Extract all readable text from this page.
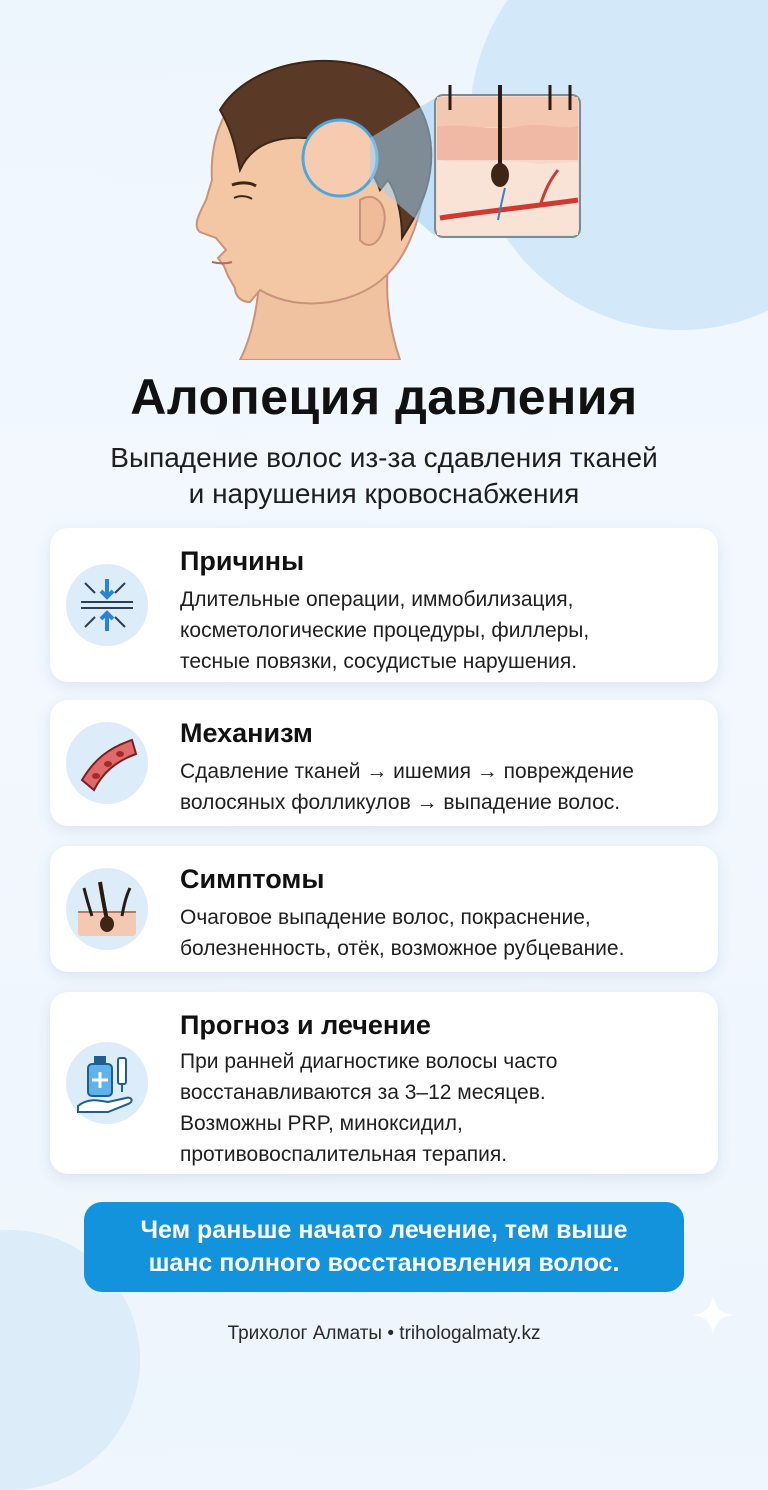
Алопеция давления
Выпадение волос из-за сдавления тканей
и нарушения кровоснабжения
Причины
Длительные операции, иммобилизация,
косметологические процедуры, филлеры,
тесные повязки, сосудистые нарушения.
Механизм
Сдавление тканей → ишемия → повреждение
волосяных фолликулов → выпадение волос.
Симптомы
Очаговое выпадение волос, покраснение,
болезненность, отёк, возможное рубцевание.
Прогноз и лечение
При ранней диагностике волосы часто
восстанавливаются за 3–12 месяцев.
Возможны PRP, миноксидил,
противовоспалительная терапия.
Чем раньше начато лечение, тем выше
шанс полного восстановления волос.
Трихолог Алматы • trihologalmaty.kz
